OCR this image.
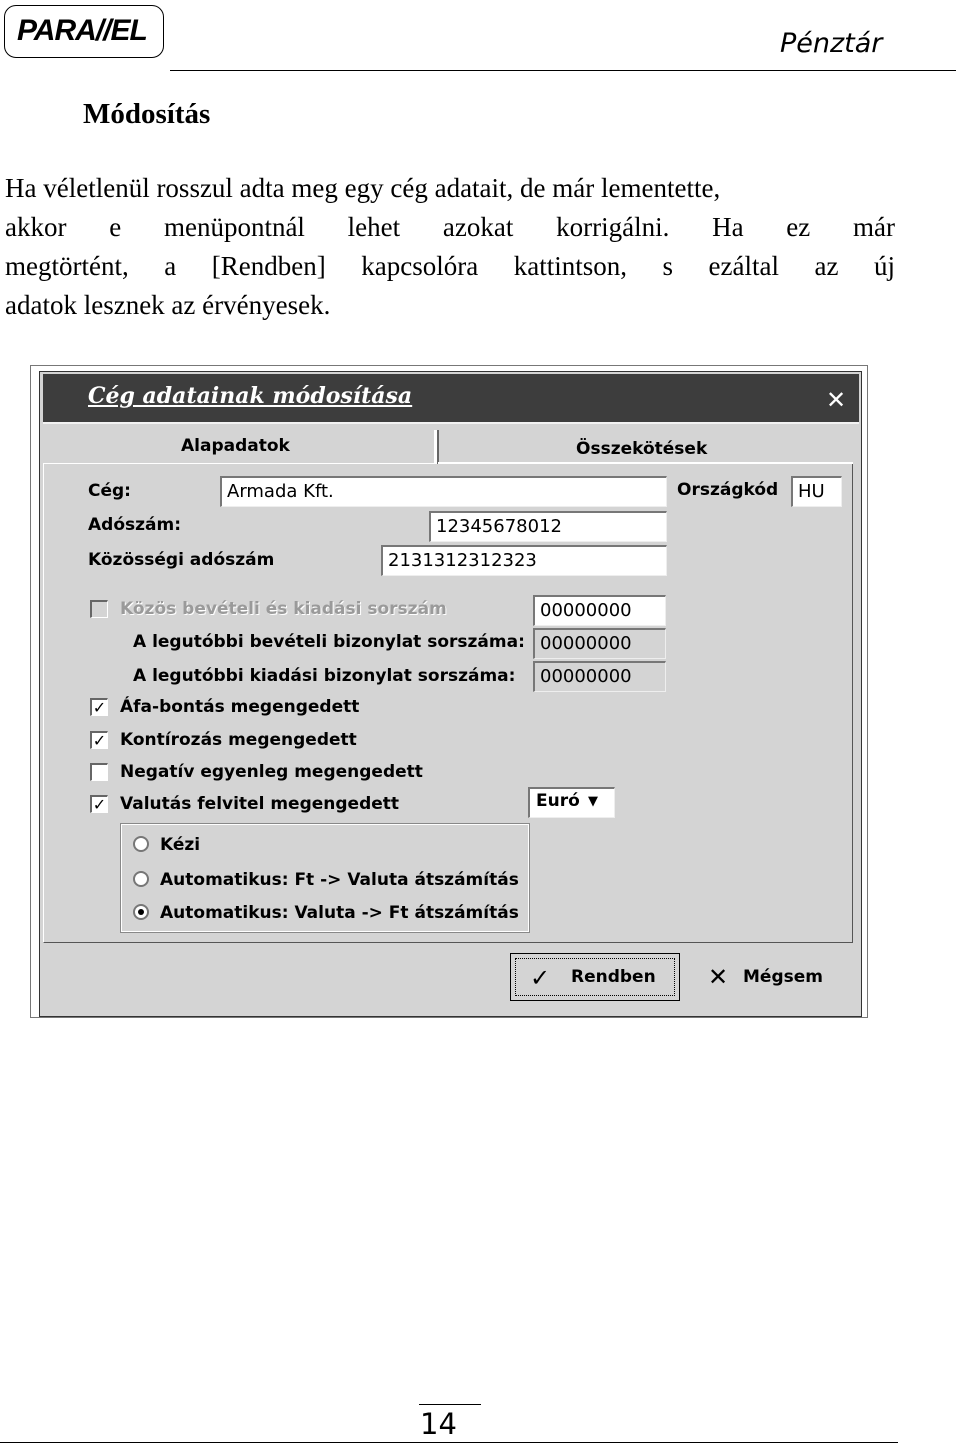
PARA//EL	Pénztár
Módosítás
Ha véletlenül rosszul adta meg egy cég adatait, de már lementette,
akkor e menüpontnál lehet azokat korrigálni. Ha ez már
megtörtént, a [Rendben] kapcsolóra kattintson, s ezáltal az új
adatok lesznek az érvényesek.
Cég adatainak módosítása	✕
Alapadatok	Összekötések
Cég:	Armada Kft.	Országkód	HU
Adószám:	12345678012
Közösségi adószám	2131312312323
Közös bevételi és kiadási sorszám	00000000
A legutóbbi bevételi bizonylat sorszáma: 00000000
A legutóbbi kiadási bizonylat sorszáma:	00000000
✓ Áfa-bontás megengedett
✓ Kontírozás megengedett
Negatív egyenleg megengedett
✓ Valutás felvitel megengedett	Euró ▼
Kézi
Automatikus: Ft -> Valuta átszámítás
Automatikus: Valuta -> Ft átszámítás
✓ Rendben ✕ Mégsem
14
